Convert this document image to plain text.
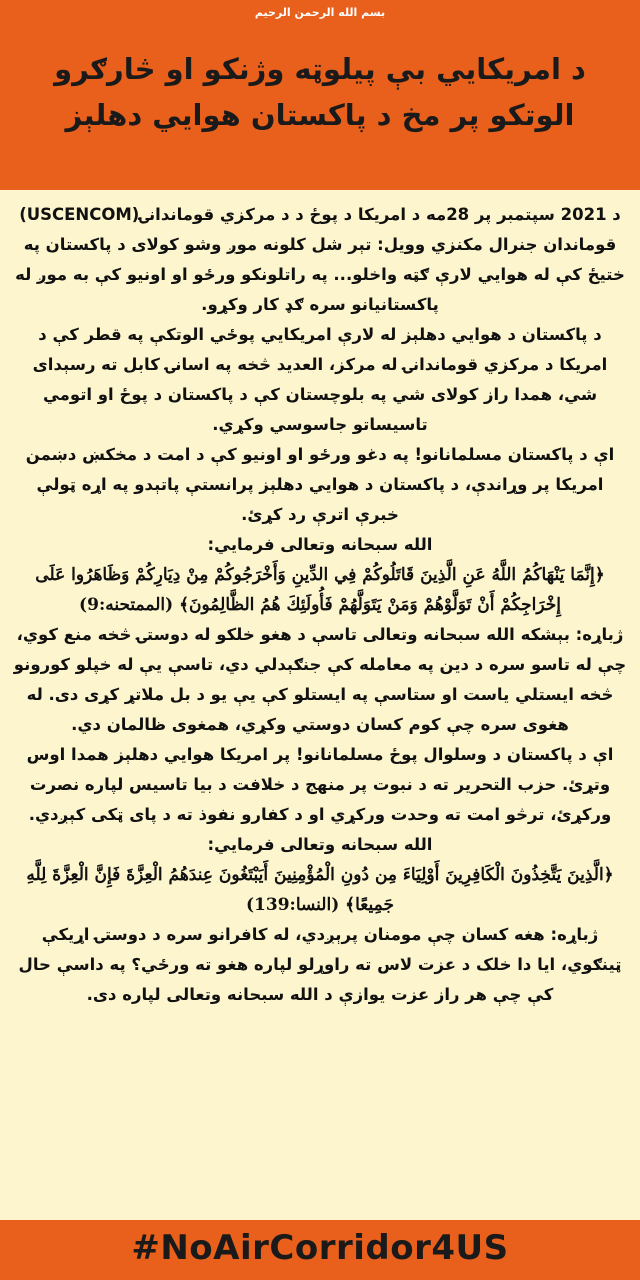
بسم الله الرحمن الرحيم
د امريکايي بې پيلوټه وژنکو او څارګرو
الوتکو پر مخ د پاکستان هوايي دهلېز

د 2021 سپتمبر پر 28مه د امريکا د پوځ د د مرکزي قوماندانۍ(USCENCOM) قوماندان جنرال مکنزي وويل: تېر شل کلونه موږ وشو کولای د پاکستان په ختيځ کې له هوايي لارې ګټه واخلو... په راتلونکو ورځو او اونيو کې به موږ له پاکستانيانو سره ګډ کار وکړو.

د پاکستان د هوايي دهلېز له لارې امريکايي پوځي الوتکې په قطر کې د امريکا د مرکزي قوماندانۍ له مرکز، العديد څخه په اسانۍ کابل ته رسېدای شي، همدا راز کولای شي په بلوچستان کې د پاکستان د پوځ او اتومي تاسيساتو جاسوسي وکړي.

اې د پاکستان مسلمانانو! په دغو ورځو او اونيو کې د امت د مخکښ دښمن امريکا پر وړاندې، د پاکستان د هوايي دهلېز پرانستې پاتېدو په اړه ټولې خبرې اترې رد کړئ.

الله سبحانه وتعالی فرمايي:

﴿إِنَّمَا يَنْهَاكُمُ اللَّهُ عَنِ الَّذِينَ قَاتَلُوكُمْ فِي الدِّينِ وَأَخْرَجُوكُمْ مِنْ دِيَارِكُمْ وَظَاهَرُوا عَلَى إِخْرَاجِكُمْ أَنْ تَوَلَّوْهُمْ وَمَنْ يَتَوَلَّهُمْ فَأُولَئِكَ هُمُ الظَّالِمُونَ﴾ (الممتحنه:9)

ژباړه: بېشکه الله سبحانه وتعالی تاسې د هغو خلکو له دوستۍ څخه منع کوي، چې له تاسو سره د دين په معامله کې جنګېدلي دي، تاسې يې له خپلو کورونو څخه ايستلي ياست او ستاسې په ايستلو کې يې يو د بل ملاتړ کړی دی. له هغوی سره چې کوم کسان دوستي وکړي، همغوی ظالمان دي.

اې د پاکستان د وسلوال پوځ مسلمانانو! پر امريکا هوايي دهلېز همدا اوس وتړئ. حزب التحرير ته د نبوت پر منهج د خلافت د بيا تاسيس لپاره نصرت ورکړئ، ترڅو امت ته وحدت ورکړي او د کفارو نفوذ ته د پای ټکی کېږدي.

الله سبحانه وتعالی فرمايي:

﴿الَّذِينَ يَتَّخِذُونَ الْكَافِرِينَ أَوْلِيَاءَ مِن دُونِ الْمُؤْمِنِينَ أَيَبْتَغُونَ عِندَهُمُ الْعِزَّةَ فَإِنَّ الْعِزَّةَ لِلَّهِ جَمِيعًا﴾ (النسا:139)

ژباړه: هغه کسان چې مومنان پرېږدي، له کافرانو سره د دوستۍ اړيکې ټينګوي، ايا دا خلک د عزت لاس ته راوړلو لپاره هغو ته ورځي؟ په داسې حال کې چې هر راز عزت يوازې د الله سبحانه وتعالی لپاره دی.

#NoAirCorridor4US
